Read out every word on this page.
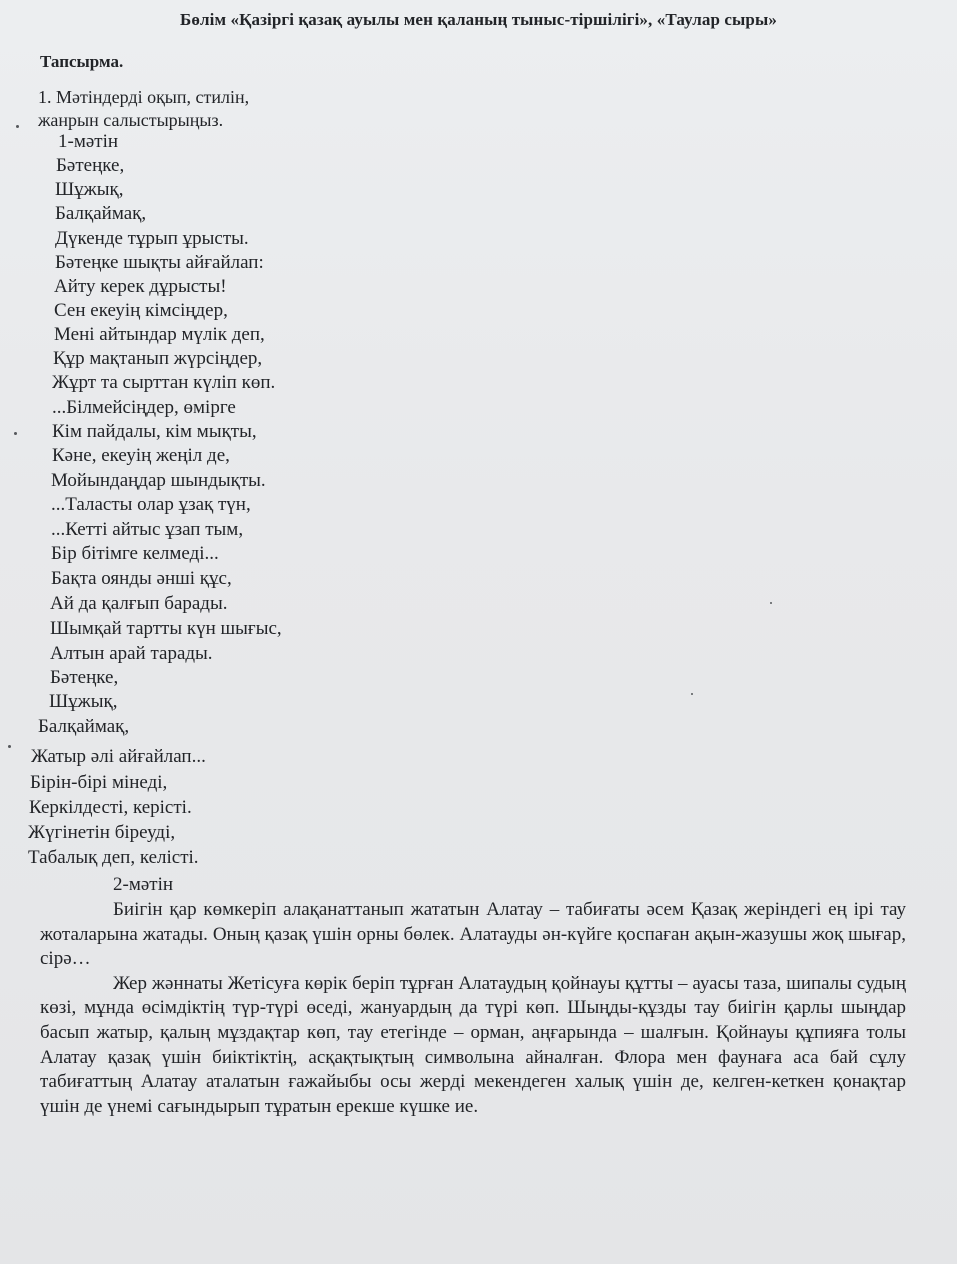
Бөлім «Қазіргі қазақ ауылы мен қаланың тыныс-тіршілігі», «Таулар сыры»
Тапсырма.
1. Мәтіндерді оқып, стилін,
жанрын салыстырыңыз.
1-мәтін
Бәтеңке,
Шұжық,
Балқаймақ,
Дүкенде тұрып ұрысты.
Бәтеңке шықты айғайлап:
Айту керек дұрысты!
Сен екеуің кімсіңдер,
Мені айтындар мүлік деп,
Құр мақтанып жүрсіңдер,
Жұрт та сырттан күліп көп.
...Білмейсіңдер, өмірге
Кім пайдалы, кім мықты,
Кәне, екеуің жеңіл де,
Мойындаңдар шындықты.
...Таласты олар ұзақ түн,
...Кетті айтыс ұзап тым,
Бір бітімге келмеді...
Бақта оянды әнші құс,
Ай да қалғып барады.
Шымқай тартты күн шығыс,
Алтын арай тарады.
Бәтеңке,
Шұжық,
Балқаймақ,
Жатыр әлі айғайлап...
Бірін-бірі мінеді,
Керкілдесті, керісті.
Жүгінетін біреуді,
Табалық деп, келісті.
2-мәтін

Биігін қар көмкеріп алақанаттанып жататын Алатау – табиғаты әсем Қазақ жеріндегі ең ірі тау жоталарына жатады. Оның қазақ үшін орны бөлек. Алатауды ән-күйге қоспаған ақын-жазушы жоқ шығар, сірә…

Жер жәннаты Жетісуға көрік беріп тұрған Алатаудың қойнауы құтты – ауасы таза, шипалы судың көзі, мұнда өсімдіктің түр-түрі өседі, жануардың да түрі көп. Шыңды-құзды тау биігін қарлы шыңдар басып жатыр, қалың мұздақтар көп, тау етегінде – орман, аңғарында – шалғын. Қойнауы құпияға толы Алатау қазақ үшін биіктіктің, асқақтықтың символына айналған. Флора мен фаунаға аса бай сұлу табиғаттың Алатау аталатын ғажайыбы осы жерді мекендеген халық үшін де, келген-кеткен қонақтар үшін де үнемі сағындырып тұратын ерекше күшке ие.
